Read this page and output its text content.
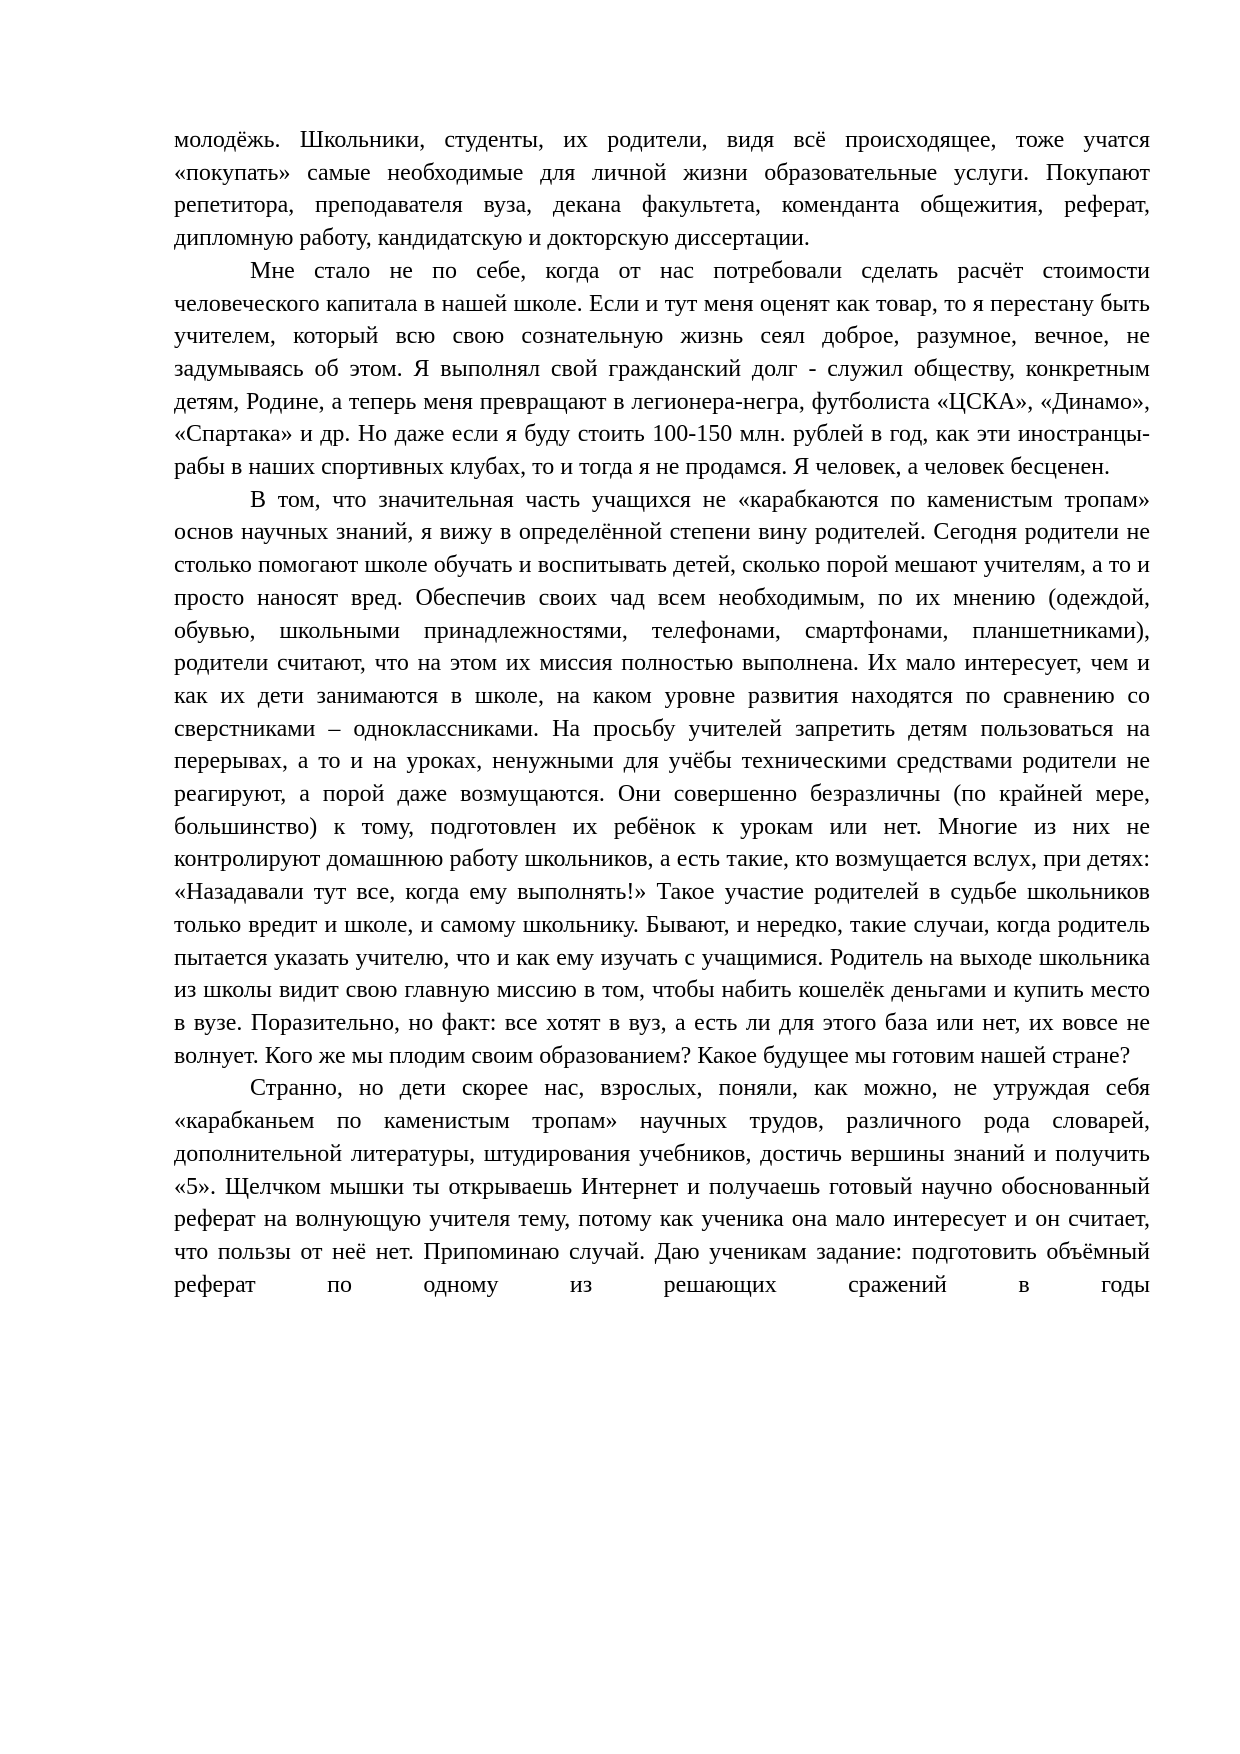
молодёжь. Школьники, студенты, их родители, видя всё происходящее, тоже учатся «покупать» самые необходимые для личной жизни образовательные услуги. Покупают репетитора, преподавателя вуза, декана факультета, коменданта общежития, реферат, дипломную работу, кандидатскую и докторскую диссертации.

Мне стало не по себе, когда от нас потребовали сделать расчёт стоимости человеческого капитала в нашей школе. Если и тут меня оценят как товар, то я перестану быть учителем, который всю свою сознательную жизнь сеял доброе, разумное, вечное, не задумываясь об этом. Я выполнял свой гражданский долг - служил обществу, конкретным детям, Родине, а теперь меня превращают в легионера-негра, футболиста «ЦСКА», «Динамо», «Спартака» и др. Но даже если я буду стоить 100-150 млн. рублей в год, как эти иностранцы-рабы в наших спортивных клубах, то и тогда я не продамся. Я человек, а человек бесценен.

В том, что значительная часть учащихся не «карабкаются по каменистым тропам» основ научных знаний, я вижу в определённой степени вину родителей. Сегодня родители не столько помогают школе обучать и воспитывать детей, сколько порой мешают учителям, а то и просто наносят вред. Обеспечив своих чад всем необходимым, по их мнению (одеждой, обувью, школьными принадлежностями, телефонами, смартфонами, планшетниками), родители считают, что на этом их миссия полностью выполнена. Их мало интересует, чем и как их дети занимаются в школе, на каком уровне развития находятся по сравнению со сверстниками – одноклассниками. На просьбу учителей запретить детям пользоваться на перерывах, а то и на уроках, ненужными для учёбы техническими средствами родители не реагируют, а порой даже возмущаются. Они совершенно безразличны (по крайней мере, большинство) к тому, подготовлен их ребёнок к урокам или нет. Многие из них не контролируют домашнюю работу школьников, а есть такие, кто возмущается вслух, при детях: «Назадавали тут все, когда ему выполнять!» Такое участие родителей в судьбе школьников только вредит и школе, и самому школьнику. Бывают, и нередко, такие случаи, когда родитель пытается указать учителю, что и как ему изучать с учащимися. Родитель на выходе школьника из школы видит свою главную миссию в том, чтобы набить кошелёк деньгами и купить место в вузе. Поразительно, но факт: все хотят в вуз, а есть ли для этого база или нет, их вовсе не волнует. Кого же мы плодим своим образованием? Какое будущее мы готовим нашей стране?

Странно, но дети скорее нас, взрослых, поняли, как можно, не утруждая себя «карабканьем по каменистым тропам» научных трудов, различного рода словарей, дополнительной литературы, штудирования учебников, достичь вершины знаний и получить «5». Щелчком мышки ты открываешь Интернет и получаешь готовый научно обоснованный реферат на волнующую учителя тему, потому как ученика она мало интересует и он считает, что пользы от неё нет. Припоминаю случай. Даю ученикам задание: подготовить объёмный реферат по одному из решающих сражений в годы
